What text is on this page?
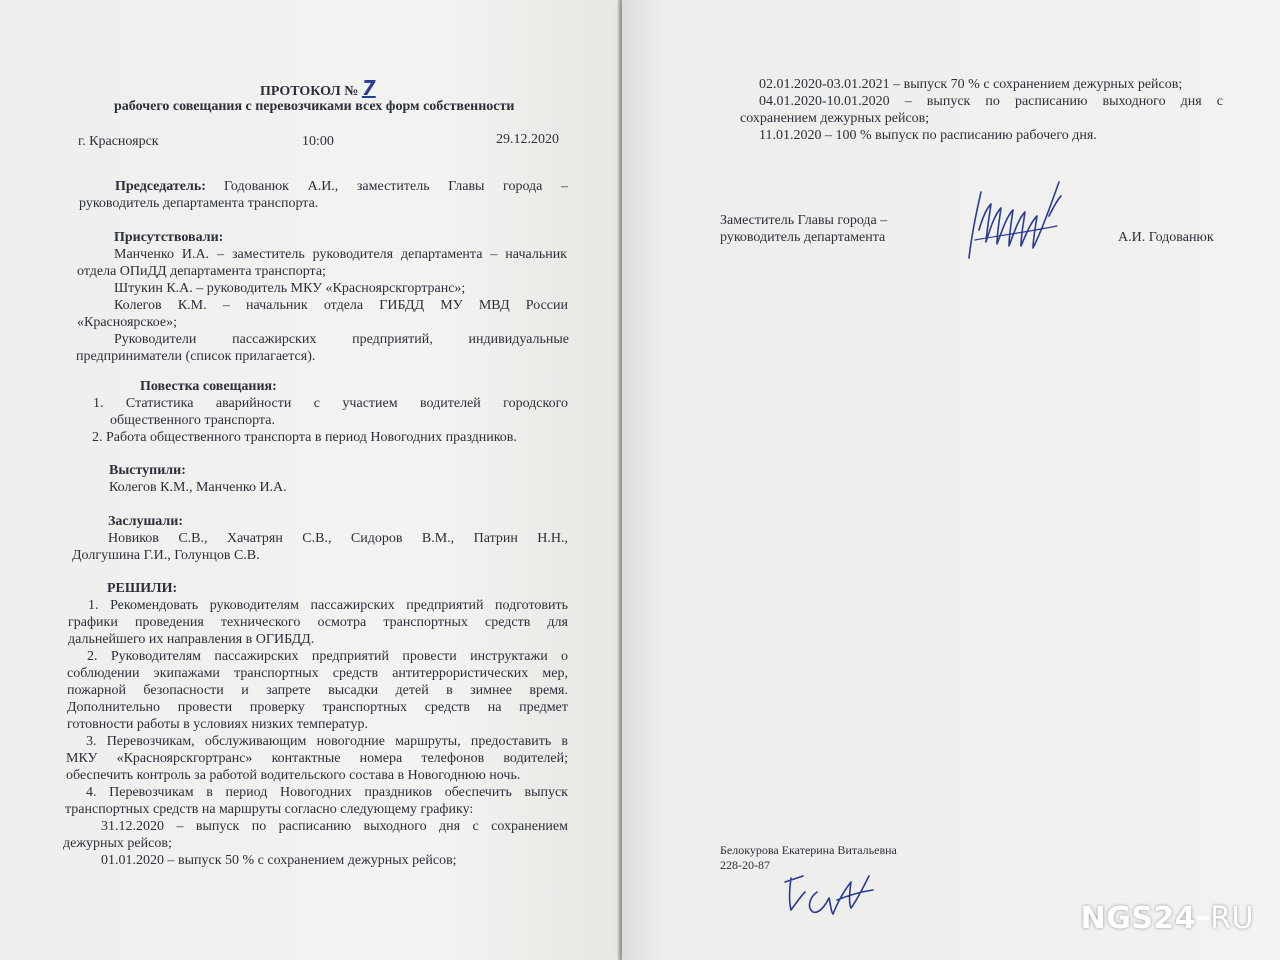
ПРОТОКОЛ № 7
рабочего совещания с перевозчиками всех форм собственности
г. Красноярск	10:00	29.12.2020
Председатель: Годованюк А.И., заместитель Главы города –
руководитель департамента транспорта.
Присутствовали:
Манченко И.А. – заместитель руководителя департамента – начальник
отдела ОПиДД департамента транспорта;
Штукин К.А. – руководитель МКУ «Красноярскгортранс»;
Колегов К.М. – начальник отдела ГИБДД МУ МВД России
«Красноярское»;
Руководители пассажирских предприятий, индивидуальные
предприниматели (список прилагается).
Повестка совещания:
1. Статистика аварийности с участием водителей городского
общественного транспорта.
2. Работа общественного транспорта в период Новогодних праздников.
Выступили:
Колегов К.М., Манченко И.А.
Заслушали:
Новиков С.В., Хачатрян С.В., Сидоров В.М., Патрин Н.Н.,
Долгушина Г.И., Голунцов С.В.
РЕШИЛИ:
1. Рекомендовать руководителям пассажирских предприятий подготовить
графики проведения технического осмотра транспортных средств для
дальнейшего их направления в ОГИБДД.
2. Руководителям пассажирских предприятий провести инструктажи о
соблюдении экипажами транспортных средств антитеррористических мер,
пожарной безопасности и запрете высадки детей в зимнее время.
Дополнительно провести проверку транспортных средств на предмет
готовности работы в условиях низких температур.
3. Перевозчикам, обслуживающим новогодние маршруты, предоставить в
МКУ «Красноярскгортранс» контактные номера телефонов водителей;
обеспечить контроль за работой водительского состава в Новогоднюю ночь.
4. Перевозчикам в период Новогодних праздников обеспечить выпуск
транспортных средств на маршруты согласно следующему графику:
31.12.2020 – выпуск по расписанию выходного дня с сохранением
дежурных рейсов;
01.01.2020 – выпуск 50 % с сохранением дежурных рейсов;
02.01.2020-03.01.2021 – выпуск 70 % с сохранением дежурных рейсов;
04.01.2020-10.01.2020 – выпуск по расписанию выходного дня с
сохранением дежурных рейсов;
11.01.2020 – 100 % выпуск по расписанию рабочего дня.
Заместитель Главы города –
руководитель департамента	А.И. Годованюк
Белокурова Екатерина Витальевна
228-20-87
NGS24 RU
